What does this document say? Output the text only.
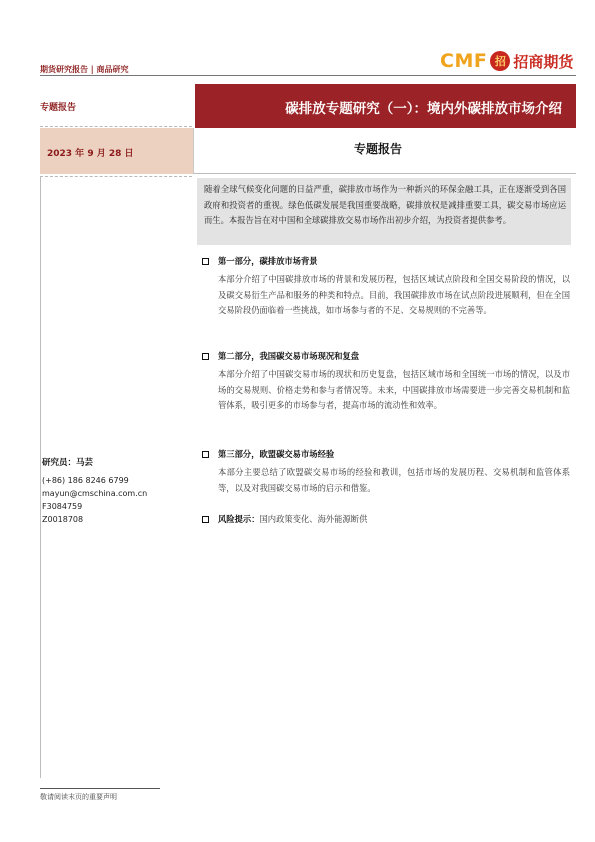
期货研究报告 | 商品研究	CMF 招 招商期货
专题报告
2023 年 9 月 28 日
碳排放专题研究（一）：境内外碳排放市场介绍
专题报告
随着全球气候变化问题的日益严重，碳排放市场作为一种新兴的环保金融工具，正在逐渐受到各国政府和投资者的重视。绿色低碳发展是我国重要战略，碳排放权是减排重要工具，碳交易市场应运而生。本报告旨在对中国和全球碳排放交易市场作出初步介绍，为投资者提供参考。
第一部分，碳排放市场背景
本部分介绍了中国碳排放市场的背景和发展历程，包括区域试点阶段和全国交易阶段的情况，以及碳交易衍生产品和服务的种类和特点。目前，我国碳排放市场在试点阶段进展顺利，但在全国交易阶段仍面临着一些挑战，如市场参与者的不足、交易规则的不完善等。
第二部分，我国碳交易市场现况和复盘
本部分介绍了中国碳交易市场的现状和历史复盘，包括区域市场和全国统一市场的情况，以及市场的交易规则、价格走势和参与者情况等。未来，中国碳排放市场需要进一步完善交易机制和监管体系，吸引更多的市场参与者，提高市场的流动性和效率。
第三部分，欧盟碳交易市场经验
本部分主要总结了欧盟碳交易市场的经验和教训，包括市场的发展历程、交易机制和监管体系等，以及对我国碳交易市场的启示和借鉴。
风险提示： 国内政策变化、海外能源断供
研究员：马芸
(+86) 186 8246 6799
mayun@cmschina.com.cn
F3084759
Z0018708
敬请阅读末页的重要声明
